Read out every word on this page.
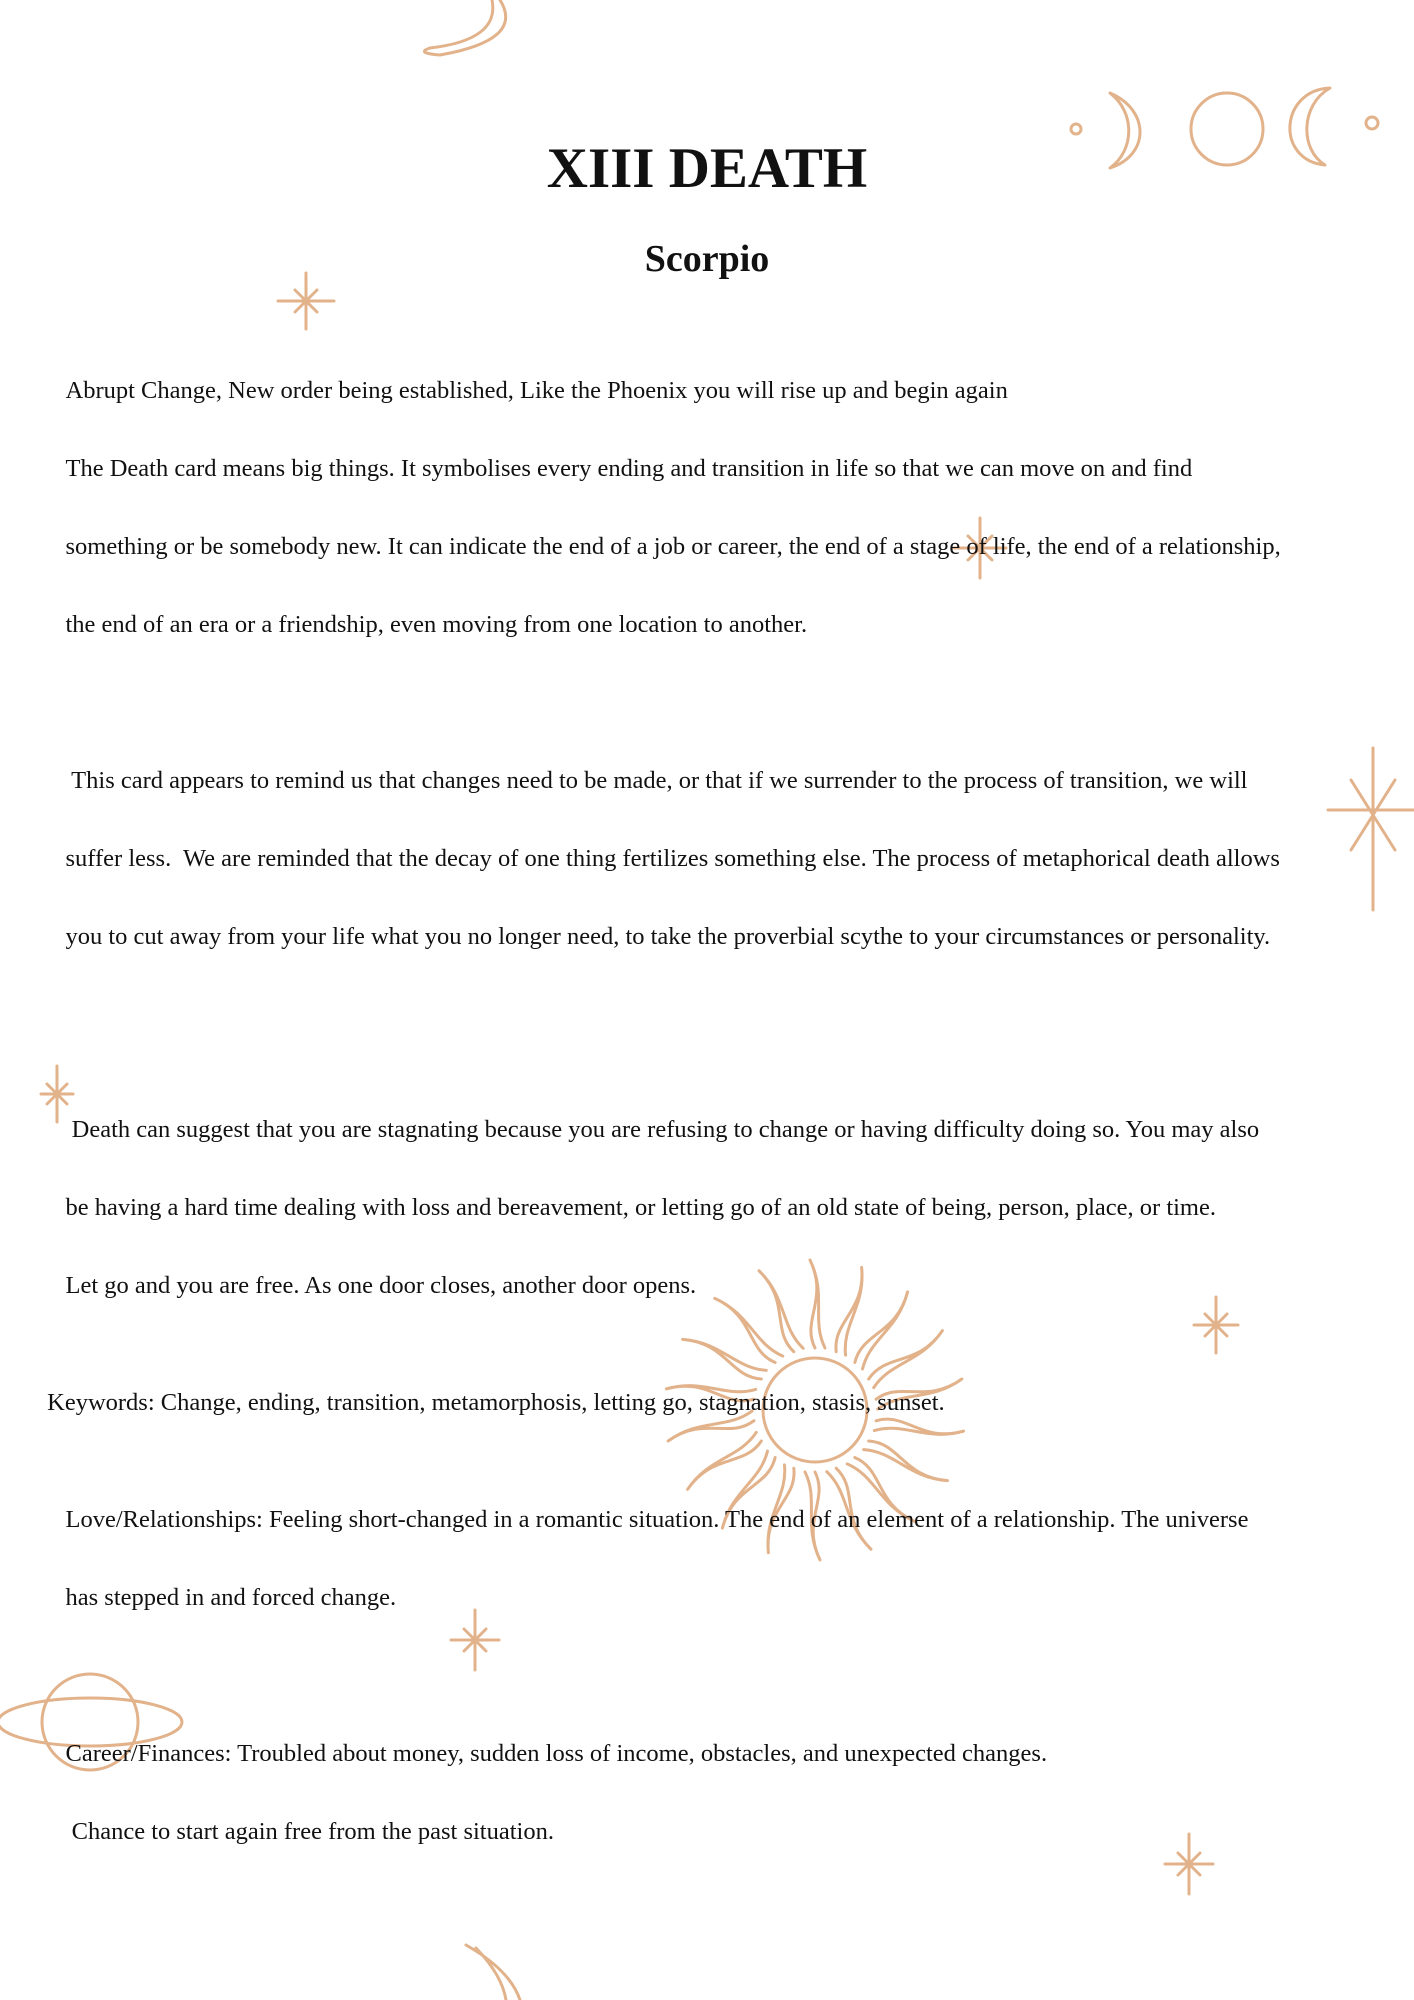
XIII DEATH
Scorpio

Abrupt Change, New order being established, Like the Phoenix you will rise up and begin again

The Death card means big things. It symbolises every ending and transition in life so that we can move on and find

something or be somebody new. It can indicate the end of a job or career, the end of a stage of life, the end of a relationship,

the end of an era or a friendship, even moving from one location to another.

This card appears to remind us that changes need to be made, or that if we surrender to the process of transition, we will

suffer less.  We are reminded that the decay of one thing fertilizes something else. The process of metaphorical death allows

you to cut away from your life what you no longer need, to take the proverbial scythe to your circumstances or personality.

Death can suggest that you are stagnating because you are refusing to change or having difficulty doing so. You may also

be having a hard time dealing with loss and bereavement, or letting go of an old state of being, person, place, or time.

Let go and you are free. As one door closes, another door opens.

Keywords: Change, ending, transition, metamorphosis, letting go, stagnation, stasis, sunset.

Love/Relationships: Feeling short-changed in a romantic situation. The end of an element of a relationship. The universe

has stepped in and forced change.

Career/Finances: Troubled about money, sudden loss of income, obstacles, and unexpected changes.

Chance to start again free from the past situation.
